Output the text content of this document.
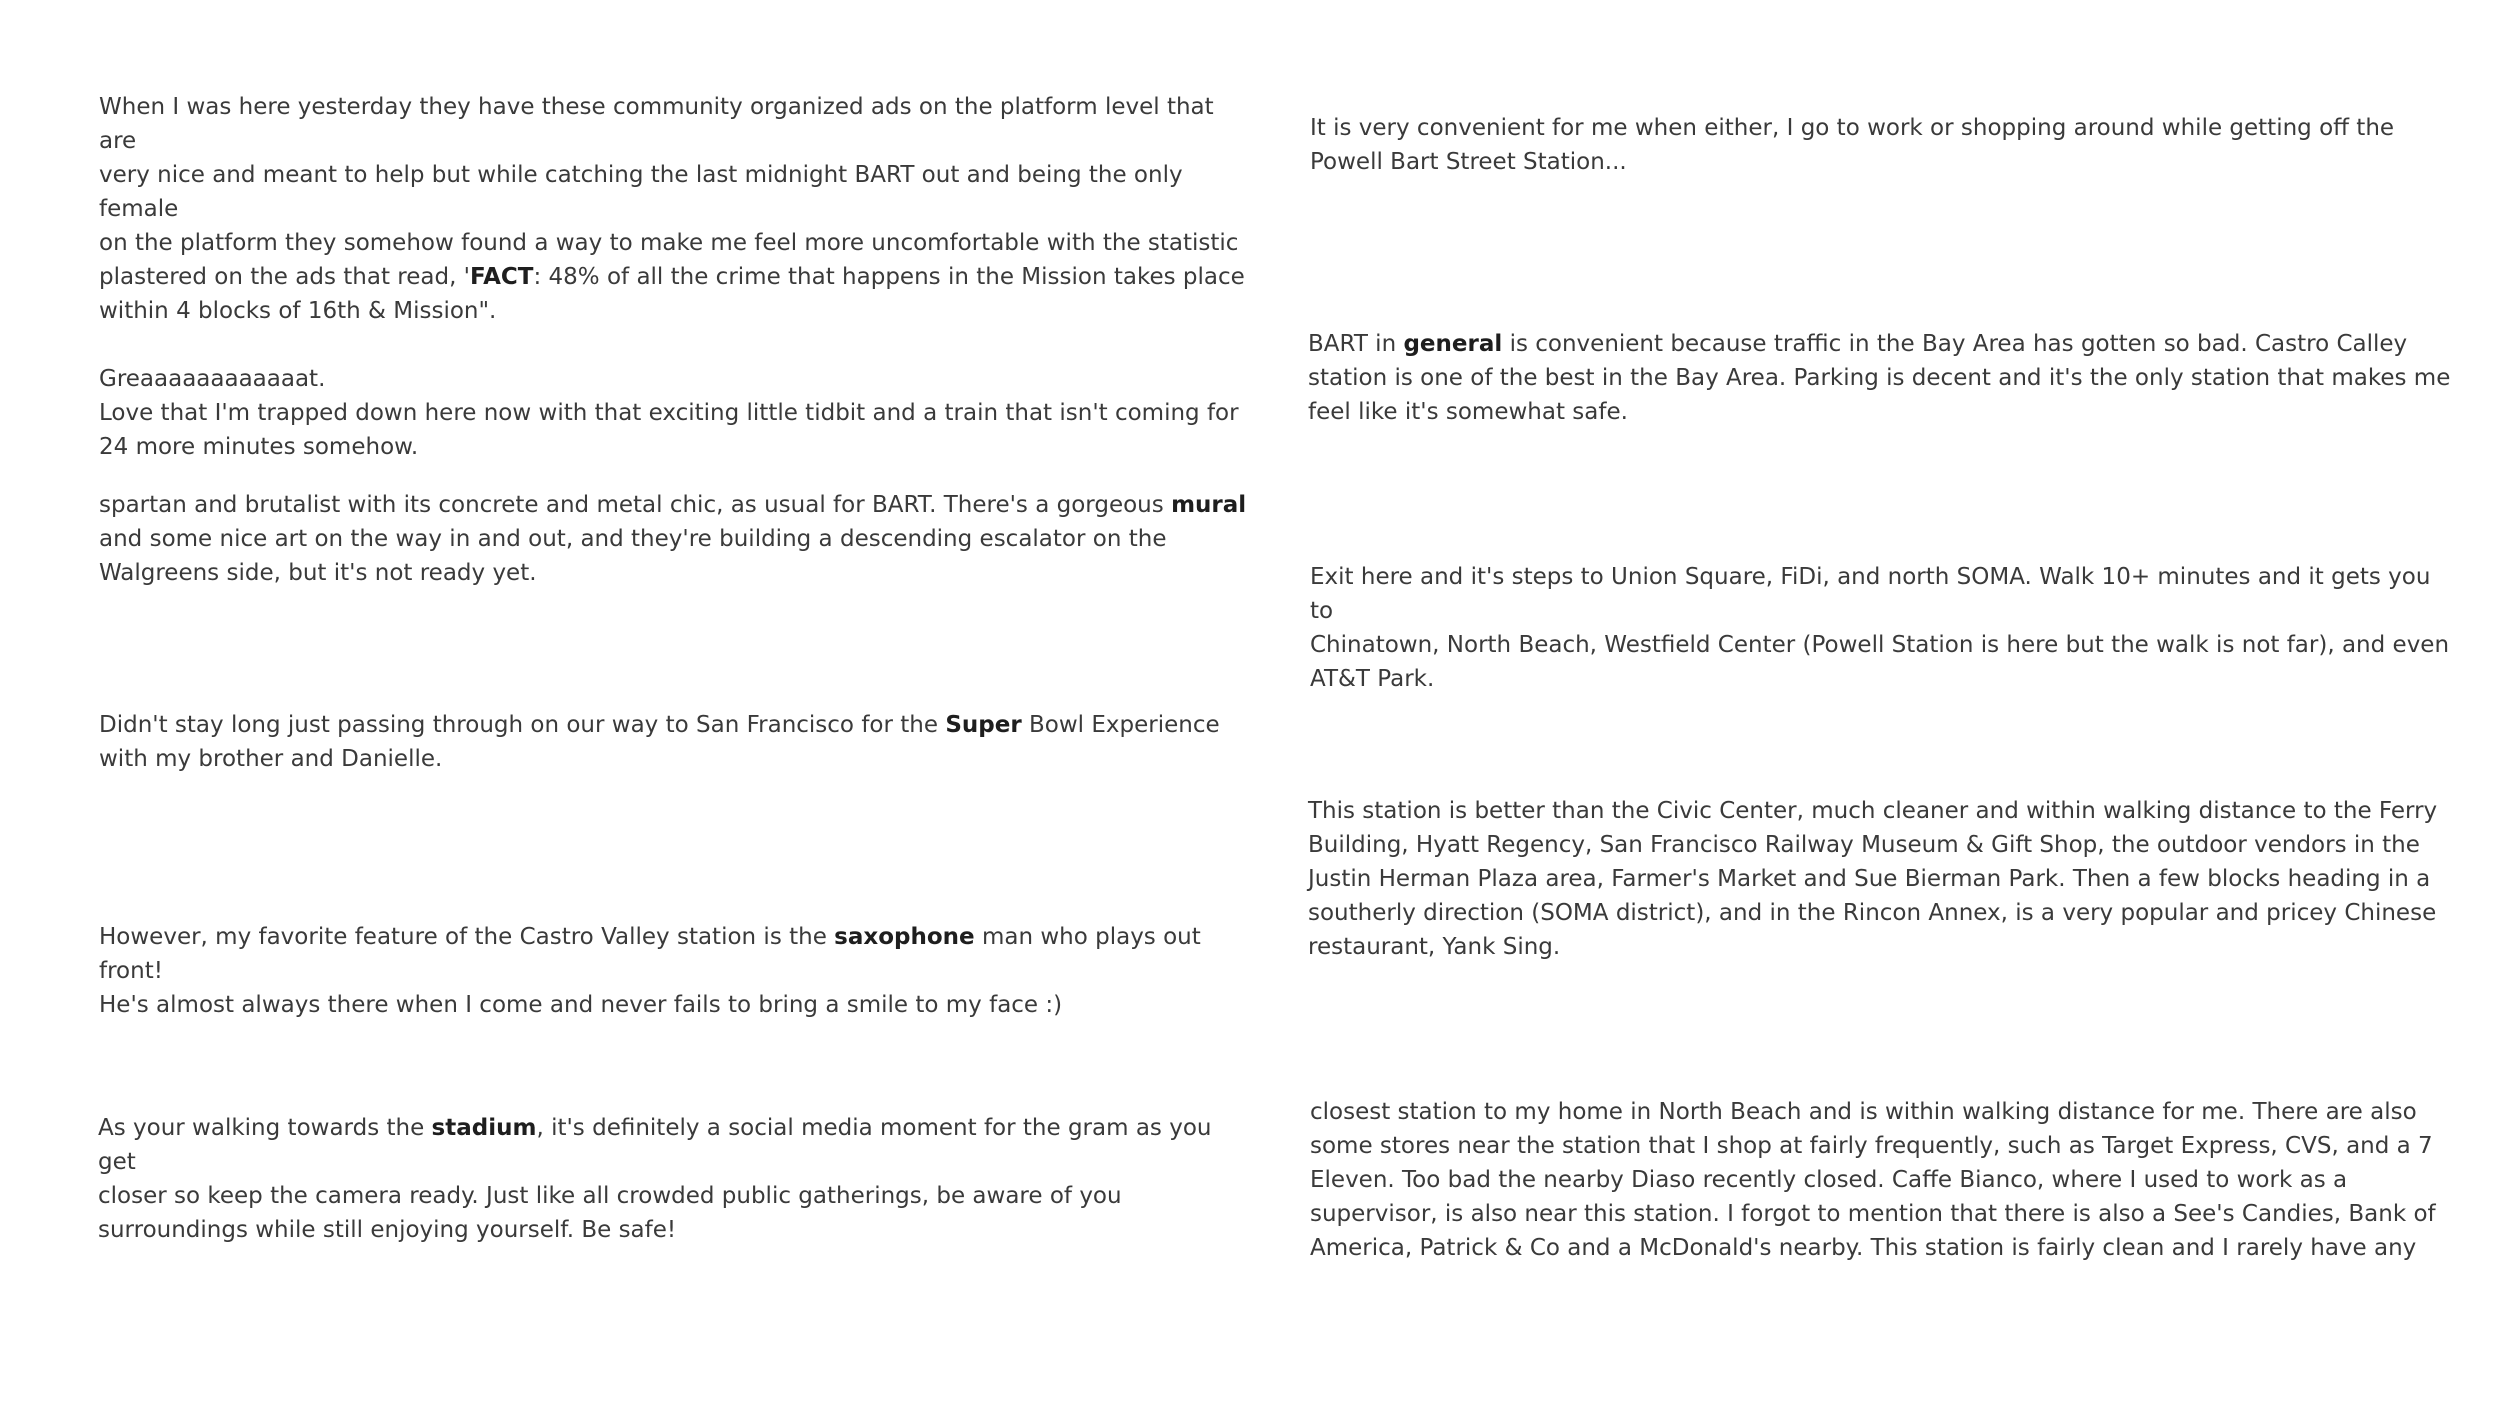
When I was here yesterday they have these community organized ads on the platform level that are
very nice and meant to help but while catching the last midnight BART out and being the only female
on the platform they somehow found a way to make me feel more uncomfortable with the statistic
plastered on the ads that read, 'FACT: 48% of all the crime that happens in the Mission takes place
within 4 blocks of 16th & Mission".

Greaaaaaaaaaaaat.
Love that I'm trapped down here now with that exciting little tidbit and a train that isn't coming for
24 more minutes somehow.

spartan and brutalist with its concrete and metal chic, as usual for BART. There's a gorgeous mural
and some nice art on the way in and out, and they're building a descending escalator on the
Walgreens side, but it's not ready yet.

Didn't stay long just passing through on our way to San Francisco for the Super Bowl Experience
with my brother and Danielle.

However, my favorite feature of the Castro Valley station is the saxophone man who plays out front!
He's almost always there when I come and never fails to bring a smile to my face :)

As your walking towards the stadium, it's definitely a social media moment for the gram as you get
closer so keep the camera ready. Just like all crowded public gatherings, be aware of you
surroundings while still enjoying yourself. Be safe!

It is very convenient for me when either, I go to work or shopping around while getting off the
Powell Bart Street Station...

BART in general is convenient because traffic in the Bay Area has gotten so bad. Castro Calley
station is one of the best in the Bay Area. Parking is decent and it's the only station that makes me
feel like it's somewhat safe.

Exit here and it's steps to Union Square, FiDi, and north SOMA. Walk 10+ minutes and it gets you to
Chinatown, North Beach, Westfield Center (Powell Station is here but the walk is not far), and even
AT&T Park.

This station is better than the Civic Center, much cleaner and within walking distance to the Ferry
Building, Hyatt Regency, San Francisco Railway Museum & Gift Shop, the outdoor vendors in the
Justin Herman Plaza area, Farmer's Market and Sue Bierman Park. Then a few blocks heading in a
southerly direction (SOMA district), and in the Rincon Annex, is a very popular and pricey Chinese
restaurant, Yank Sing.

closest station to my home in North Beach and is within walking distance for me. There are also
some stores near the station that I shop at fairly frequently, such as Target Express, CVS, and a 7
Eleven. Too bad the nearby Diaso recently closed. Caffe Bianco, where I used to work as a
supervisor, is also near this station. I forgot to mention that there is also a See's Candies, Bank of
America, Patrick & Co and a McDonald's nearby. This station is fairly clean and I rarely have any
